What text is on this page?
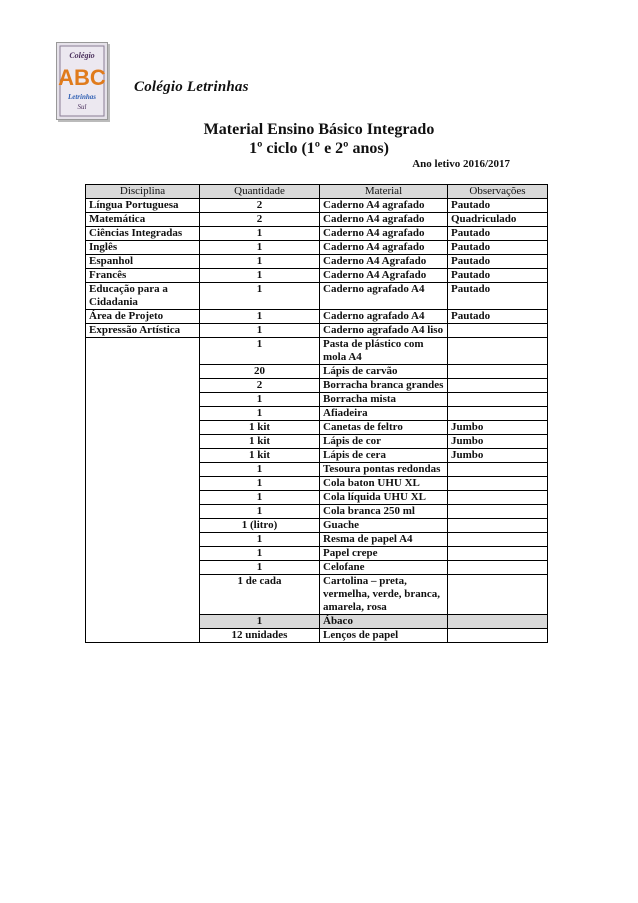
Colégio
ABC
Letrinhas
Sul
Colégio Letrinhas
Material Ensino Básico Integrado
1º ciclo (1º e 2º anos)
Ano letivo 2016/2017
Disciplina	Quantidade	Material	Observações
Língua Portuguesa	2	Caderno A4 agrafado	Pautado
Matemática	2	Caderno A4 agrafado	Quadriculado
Ciências Integradas	1	Caderno A4 agrafado	Pautado
Inglês	1	Caderno A4 agrafado	Pautado
Espanhol	1	Caderno A4 Agrafado	Pautado
Francês	1	Caderno A4 Agrafado	Pautado
Educação para a Cidadania	1	Caderno agrafado A4	Pautado
Área de Projeto	1	Caderno agrafado A4	Pautado
Expressão Artística	1	Caderno agrafado A4 liso	
	1	Pasta de plástico com mola A4	
	20	Lápis de carvão	
	2	Borracha branca grandes	
	1	Borracha mista	
	1	Afiadeira	
	1 kit	Canetas de feltro	Jumbo
	1 kit	Lápis de cor	Jumbo
	1 kit	Lápis de cera	Jumbo
	1	Tesoura pontas redondas	
	1	Cola baton UHU XL	
	1	Cola líquida UHU XL	
	1	Cola branca 250 ml	
	1 (litro)	Guache	
	1	Resma de papel A4	
	1	Papel crepe	
	1	Celofane	
	1 de cada	Cartolina – preta, vermelha, verde, branca, amarela, rosa	
	1	Ábaco	
	12 unidades	Lenços de papel	
